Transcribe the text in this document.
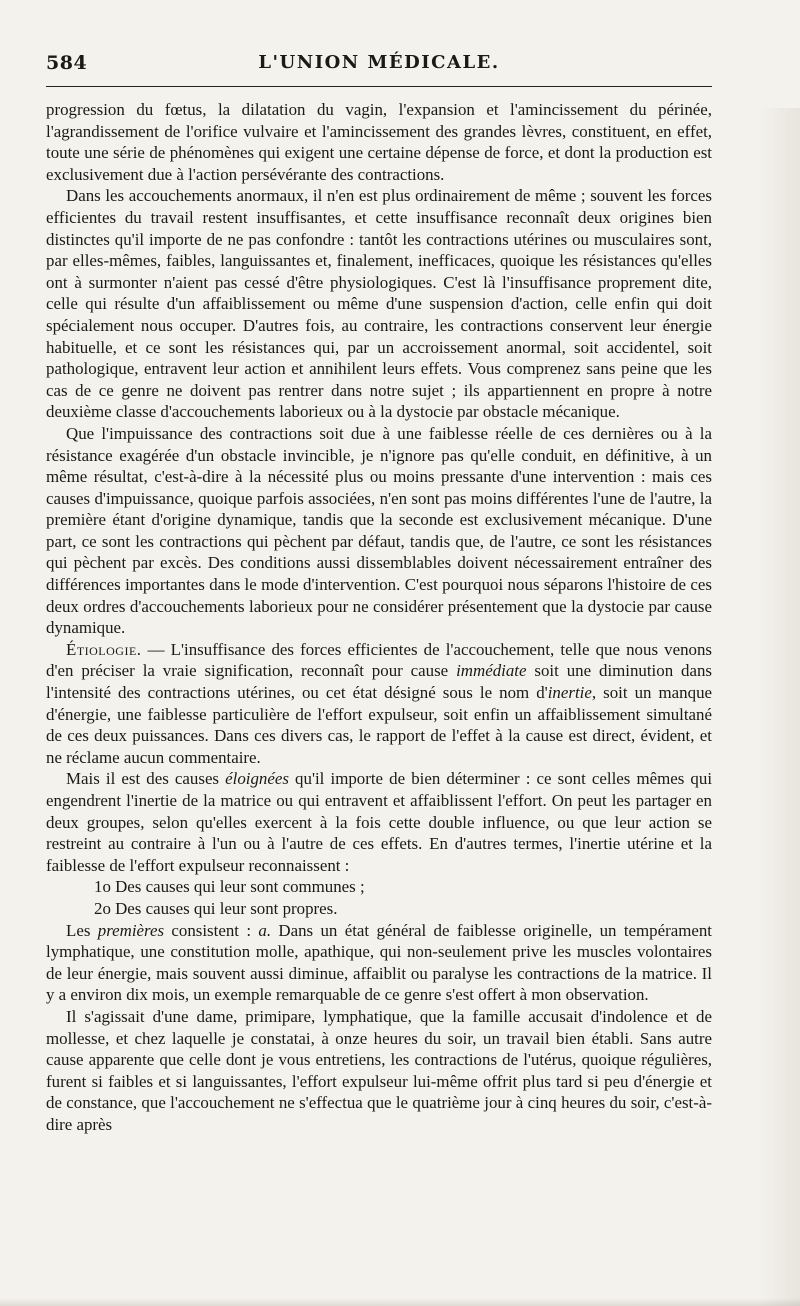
584	L'UNION MÉDICALE.

progression du fœtus, la dilatation du vagin, l'expansion et l'amincissement du périnée, l'agrandissement de l'orifice vulvaire et l'amincissement des grandes lèvres, constituent, en effet, toute une série de phénomènes qui exigent une certaine dépense de force, et dont la production est exclusivement due à l'action persévérante des contractions.

Dans les accouchements anormaux, il n'en est plus ordinairement de même ; souvent les forces efficientes du travail restent insuffisantes, et cette insuffisance reconnaît deux origines bien distinctes qu'il importe de ne pas confondre : tantôt les contractions utérines ou musculaires sont, par elles-mêmes, faibles, languissantes et, finalement, inefficaces, quoique les résistances qu'elles ont à surmonter n'aient pas cessé d'être physiologiques. C'est là l'insuffisance proprement dite, celle qui résulte d'un affaiblissement ou même d'une suspension d'action, celle enfin qui doit spécialement nous occuper. D'autres fois, au contraire, les contractions conservent leur énergie habituelle, et ce sont les résistances qui, par un accroissement anormal, soit accidentel, soit pathologique, entravent leur action et annihilent leurs effets. Vous comprenez sans peine que les cas de ce genre ne doivent pas rentrer dans notre sujet ; ils appartiennent en propre à notre deuxième classe d'accouchements laborieux ou à la dystocie par obstacle mécanique.

Que l'impuissance des contractions soit due à une faiblesse réelle de ces dernières ou à la résistance exagérée d'un obstacle invincible, je n'ignore pas qu'elle conduit, en définitive, à un même résultat, c'est-à-dire à la nécessité plus ou moins pressante d'une intervention : mais ces causes d'impuissance, quoique parfois associées, n'en sont pas moins différentes l'une de l'autre, la première étant d'origine dynamique, tandis que la seconde est exclusivement mécanique. D'une part, ce sont les contractions qui pèchent par défaut, tandis que, de l'autre, ce sont les résistances qui pèchent par excès. Des conditions aussi dissemblables doivent nécessairement entraîner des différences importantes dans le mode d'intervention. C'est pourquoi nous séparons l'histoire de ces deux ordres d'accouchements laborieux pour ne considérer présentement que la dystocie par cause dynamique.

Étiologie. — L'insuffisance des forces efficientes de l'accouchement, telle que nous venons d'en préciser la vraie signification, reconnaît pour cause immédiate soit une diminution dans l'intensité des contractions utérines, ou cet état désigné sous le nom d'inertie, soit un manque d'énergie, une faiblesse particulière de l'effort expulseur, soit enfin un affaiblissement simultané de ces deux puissances. Dans ces divers cas, le rapport de l'effet à la cause est direct, évident, et ne réclame aucun commentaire.

Mais il est des causes éloignées qu'il importe de bien déterminer : ce sont celles mêmes qui engendrent l'inertie de la matrice ou qui entravent et affaiblissent l'effort. On peut les partager en deux groupes, selon qu'elles exercent à la fois cette double influence, ou que leur action se restreint au contraire à l'un ou à l'autre de ces effets. En d'autres termes, l'inertie utérine et la faiblesse de l'effort expulseur reconnaissent :

1o Des causes qui leur sont communes ;

2o Des causes qui leur sont propres.

Les premières consistent : a. Dans un état général de faiblesse originelle, un tempérament lymphatique, une constitution molle, apathique, qui non-seulement prive les muscles volontaires de leur énergie, mais souvent aussi diminue, affaiblit ou paralyse les contractions de la matrice. Il y a environ dix mois, un exemple remarquable de ce genre s'est offert à mon observation.

Il s'agissait d'une dame, primipare, lymphatique, que la famille accusait d'indolence et de mollesse, et chez laquelle je constatai, à onze heures du soir, un travail bien établi. Sans autre cause apparente que celle dont je vous entretiens, les contractions de l'utérus, quoique régulières, furent si faibles et si languissantes, l'effort expulseur lui-même offrit plus tard si peu d'énergie et de constance, que l'accouchement ne s'effectua que le quatrième jour à cinq heures du soir, c'est-à-dire après
